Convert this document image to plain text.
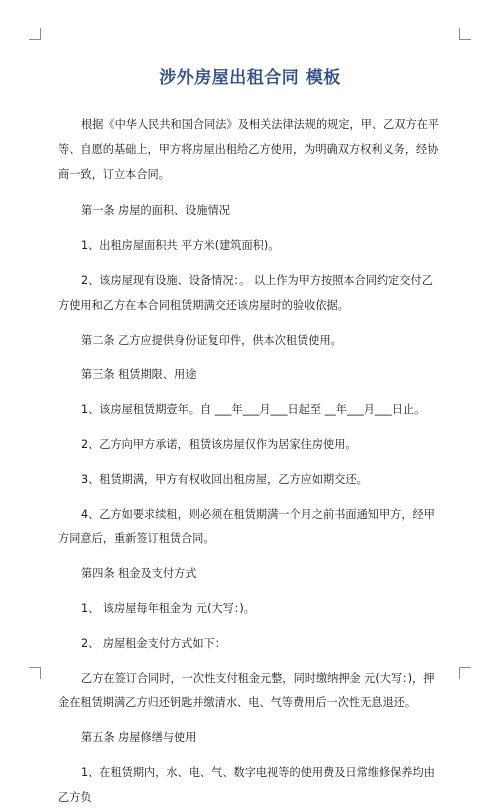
涉外房屋出租合同 模板

根据《中华人民共和国合同法》及相关法律法规的规定，甲、乙双方在平等、自愿的基础上，甲方将房屋出租给乙方使用，为明确双方权利义务，经协商一致，订立本合同。

第一条 房屋的面积、设施情况

1、出租房屋面积共 平方米(建筑面积)。

2、该房屋现有设施、设备情况：。 以上作为甲方按照本合同约定交付乙方使用和乙方在本合同租赁期满交还该房屋时的验收依据。

第二条 乙方应提供身份证复印件，供本次租赁使用。

第三条 租赁期限、用途

1、该房屋租赁期壹年。自 ___年___月___日起至 __年___月___日止。

2、乙方向甲方承诺，租赁该房屋仅作为居家住房使用。

3、租赁期满，甲方有权收回出租房屋，乙方应如期交还。

4、乙方如要求续租，则必须在租赁期满一个月之前书面通知甲方，经甲方同意后，重新签订租赁合同。

第四条 租金及支付方式

1、 该房屋每年租金为 元(大写：)。

2、 房屋租金支付方式如下：

乙方在签订合同时，一次性支付租金元整，同时缴纳押金 元(大写：)，押金在租赁期满乙方归还钥匙并缴清水、电、气等费用后一次性无息退还。

第五条 房屋修缮与使用

1、在租赁期内，水、电、气、数字电视等的使用费及日常维修保养均由乙方负
